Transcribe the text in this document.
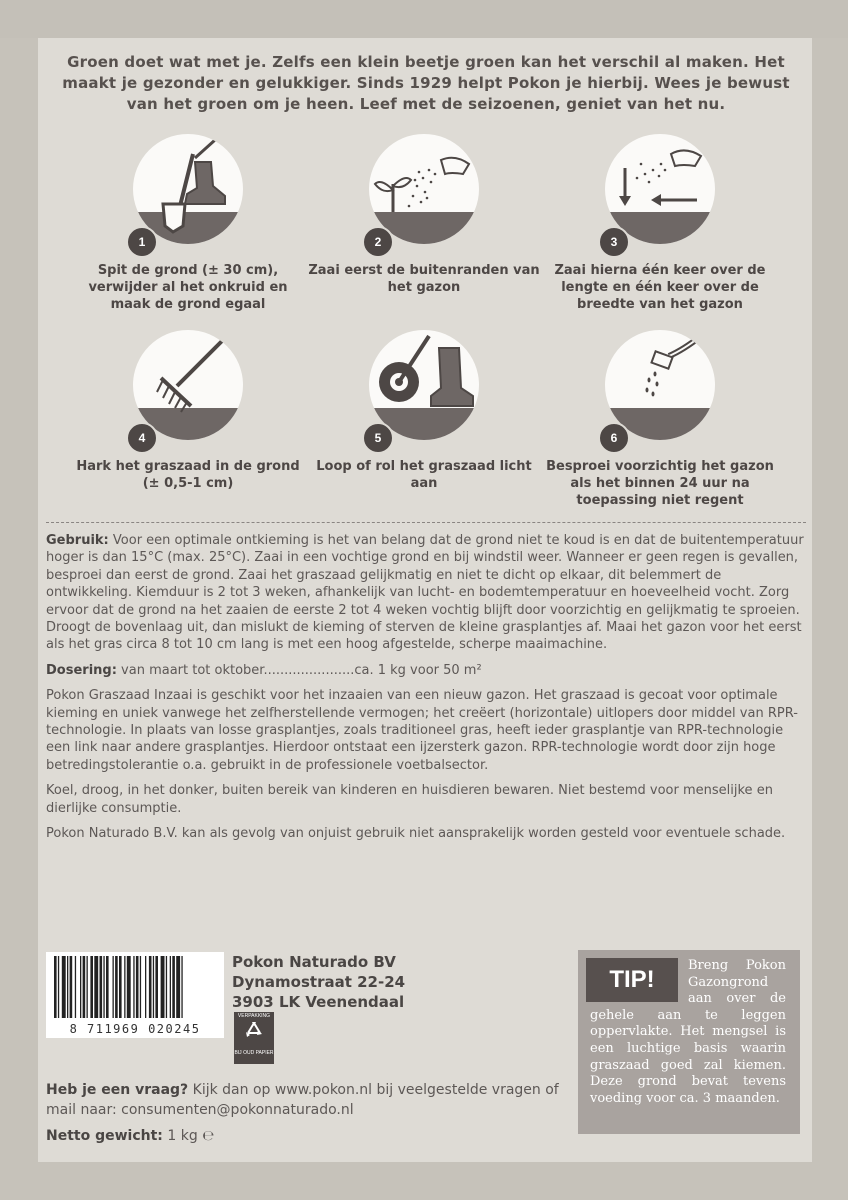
Groen doet wat met je. Zelfs een klein beetje groen kan het verschil al maken. Het maakt je gezonder en gelukkiger. Sinds 1929 helpt Pokon je hierbij. Wees je bewust van het groen om je heen. Leef met de seizoenen, geniet van het nu.

1
Spit de grond (± 30 cm), verwijder al het onkruid en maak de grond egaal
2
Zaai eerst de buitenranden van het gazon
3
Zaai hierna één keer over de lengte en één keer over de breedte van het gazon
4
Hark het graszaad in de grond (± 0,5-1 cm)
5
Loop of rol het graszaad licht aan
6
Besproei voorzichtig het gazon als het binnen 24 uur na toepassing niet regent

Gebruik: Voor een optimale ontkieming is het van belang dat de grond niet te koud is en dat de buitentemperatuur hoger is dan 15°C (max. 25°C). Zaai in een vochtige grond en bij windstil weer. Wanneer er geen regen is gevallen, besproei dan eerst de grond. Zaai het graszaad gelijkmatig en niet te dicht op elkaar, dit belemmert de ontwikkeling. Kiemduur is 2 tot 3 weken, afhankelijk van lucht- en bodemtemperatuur en hoeveelheid vocht. Zorg ervoor dat de grond na het zaaien de eerste 2 tot 4 weken vochtig blijft door voorzichtig en gelijkmatig te sproeien. Droogt de bovenlaag uit, dan mislukt de kieming of sterven de kleine grasplantjes af. Maai het gazon voor het eerst als het gras circa 8 tot 10 cm lang is met een hoog afgestelde, scherpe maaimachine.

Dosering: van maart tot oktober......................ca. 1 kg voor 50 m²

Pokon Graszaad Inzaai is geschikt voor het inzaaien van een nieuw gazon. Het graszaad is gecoat voor optimale kieming en uniek vanwege het zelfherstellende vermogen; het creëert (horizontale) uitlopers door middel van RPR-technologie. In plaats van losse grasplantjes, zoals traditioneel gras, heeft ieder grasplantje van RPR-technologie een link naar andere grasplantjes. Hierdoor ontstaat een ijzersterk gazon. RPR-technologie wordt door zijn hoge betredingstolerantie o.a. gebruikt in de professionele voetbalsector.

Koel, droog, in het donker, buiten bereik van kinderen en huisdieren bewaren. Niet bestemd voor menselijke en dierlijke consumptie.

Pokon Naturado B.V. kan als gevolg van onjuist gebruik niet aansprakelijk worden gesteld voor eventuele schade.

8 711969 020245
Pokon Naturado BV
Dynamostraat 22-24
3903 LK Veenendaal
VERPAKKING
BIJ OUD PAPIER
TIP!
Breng Pokon Gazongrond aan over de gehele aan te leggen oppervlakte. Het mengsel is een luchtige basis waarin graszaad goed zal kiemen. Deze grond bevat tevens voeding voor ca. 3 maanden.

Heb je een vraag? Kijk dan op www.pokon.nl bij veelgestelde vragen of mail naar: consumenten@pokonnaturado.nl

Netto gewicht: 1 kg ℮
